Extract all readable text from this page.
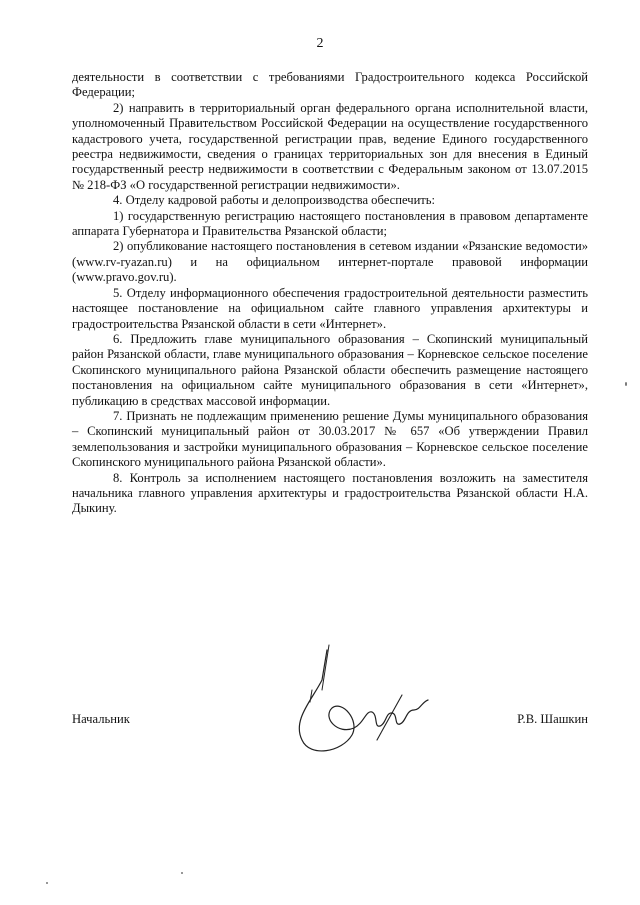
2

деятельности в соответствии с требованиями Градостроительного кодекса Российской Федерации;

2) направить в территориальный орган федерального органа исполнительной власти, уполномоченный Правительством Российской Федерации на осуществление государственного кадастрового учета, государственной регистрации прав, ведение Единого государственного реестра недвижимости, сведения о границах территориальных зон для внесения в Единый государственный реестр недвижимости в соответствии с Федеральным законом от 13.07.2015 № 218-ФЗ «О государственной регистрации недвижимости».

4. Отделу кадровой работы и делопроизводства обеспечить:

1) государственную регистрацию настоящего постановления в правовом департаменте аппарата Губернатора и Правительства Рязанской области;

2) опубликование настоящего постановления в сетевом издании «Рязанские ведомости» (www.rv-ryazan.ru) и на официальном интернет-портале правовой информации (www.pravo.gov.ru).

5. Отделу информационного обеспечения градостроительной деятельности разместить настоящее постановление на официальном сайте главного управления архитектуры и градостроительства Рязанской области в сети «Интернет».

6. Предложить главе муниципального образования – Скопинский муниципальный район Рязанской области, главе муниципального образования – Корневское сельское поселение Скопинского муниципального района Рязанской области обеспечить размещение настоящего постановления на официальном сайте муниципального образования в сети «Интернет», публикацию в средствах массовой информации.

7. Признать не подлежащим применению решение Думы муниципального образования – Скопинский муниципальный район от 30.03.2017 № 657 «Об утверждении Правил землепользования и застройки муниципального образования – Корневское сельское поселение Скопинского муниципального района Рязанской области».

8. Контроль за исполнением настоящего постановления возложить на заместителя начальника главного управления архитектуры и градостроительства Рязанской области Н.А. Дыкину.

Начальник	Р.В. Шашкин
